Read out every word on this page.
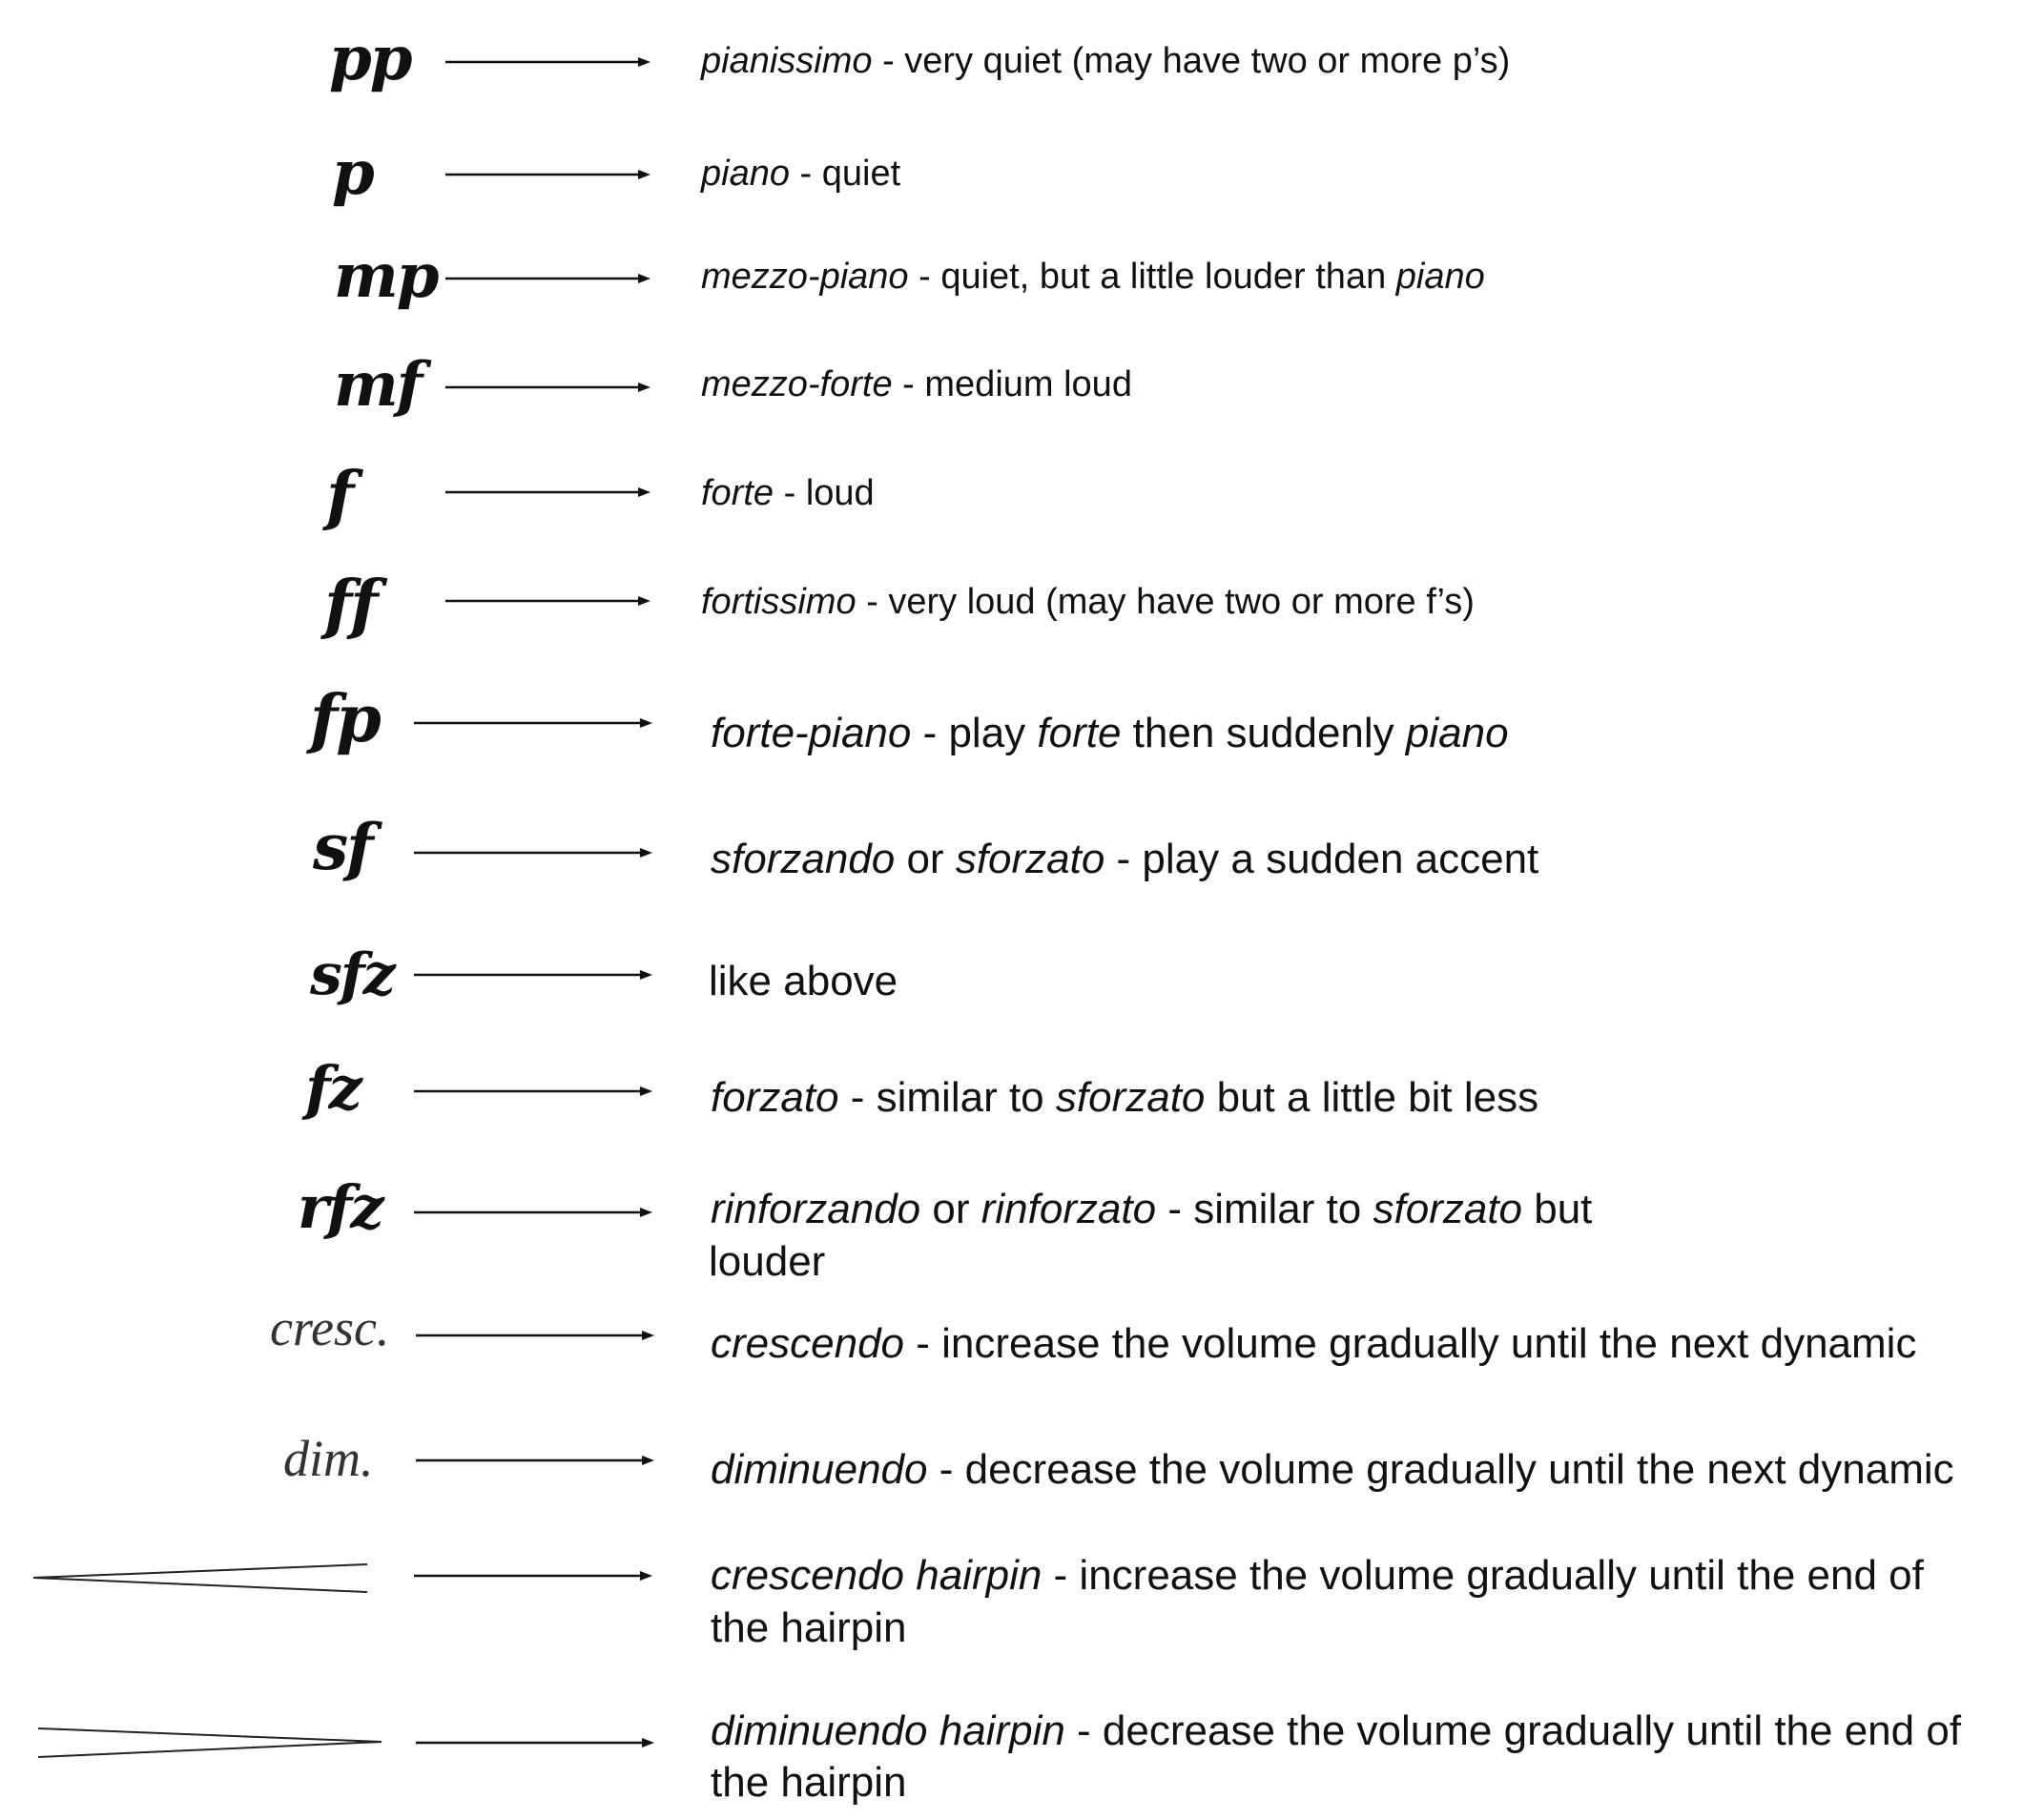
pp	pianissimo - very quiet (may have two or more p’s)
p	piano - quiet
mp	mezzo-piano - quiet, but a little louder than piano
mf	mezzo-forte - medium loud
f	forte - loud
ff	fortissimo - very loud (may have two or more f’s)
fp	forte-piano - play forte then suddenly piano
sf	sforzando or sforzato - play a sudden accent
sfz	like above
fz	forzato - similar to sforzato but a little bit less
rfz	rinforzando or rinforzato - similar to sforzato but
louder
cresc.	crescendo - increase the volume gradually until the next dynamic
dim.	diminuendo - decrease the volume gradually until the next dynamic
crescendo hairpin - increase the volume gradually until the end of
the hairpin
diminuendo hairpin - decrease the volume gradually until the end of
the hairpin
